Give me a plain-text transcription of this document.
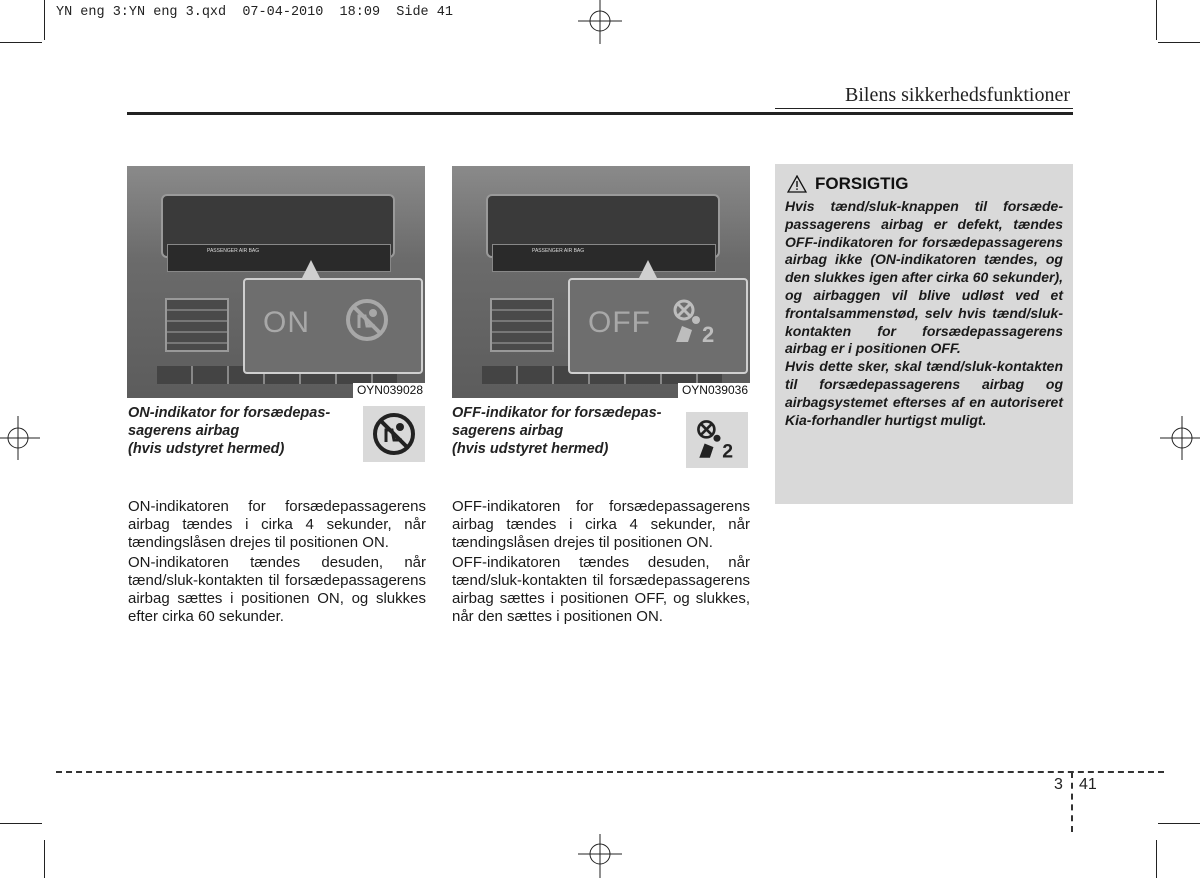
YN eng 3:YN eng 3.qxd  07-04-2010  18:09  Side 41
Bilens sikkerhedsfunktioner
PASSENGER AIR BAG
ON
OYN039028
PASSENGER AIR BAG
OFF 2
OYN039036
ON-indikator for forsædepas-
sagerens airbag
(hvis udstyret hermed)
OFF-indikator for forsædepas-
sagerens airbag
(hvis udstyret hermed)	2

ON-indikatoren for forsædepassagerens airbag tændes i cirka 4 sekunder, når tændingslåsen drejes til positionen ON.

ON-indikatoren tændes desuden, når tænd/sluk-kontakten til forsædepassagerens airbag sættes i positionen ON, og slukkes efter cirka 60 sekunder.

OFF-indikatoren for forsædepassagerens airbag tændes i cirka 4 sekunder, når tændingslåsen drejes til positionen ON.

OFF-indikatoren tændes desuden, når tænd/sluk-kontakten til forsædepassagerens airbag sættes i positionen OFF, og slukkes, når den sættes i positionen ON.

FORSIGTIG

Hvis tænd/sluk-knappen til forsædepassagerens airbag er defekt, tændes OFF-indikatoren for forsædepassagerens airbag ikke (ON-indikatoren tændes, og den slukkes igen after cirka 60 sekunder), og airbaggen vil blive udløst ved et frontalsammenstød, selv hvis tænd/sluk-kontakten for forsædepassagerens airbag er i positionen OFF.

Hvis dette sker, skal tænd/sluk-kontakten til forsædepassagerens airbag og airbagsystemet efterses af en autoriseret Kia-forhandler hurtigst muligt.

3 41
